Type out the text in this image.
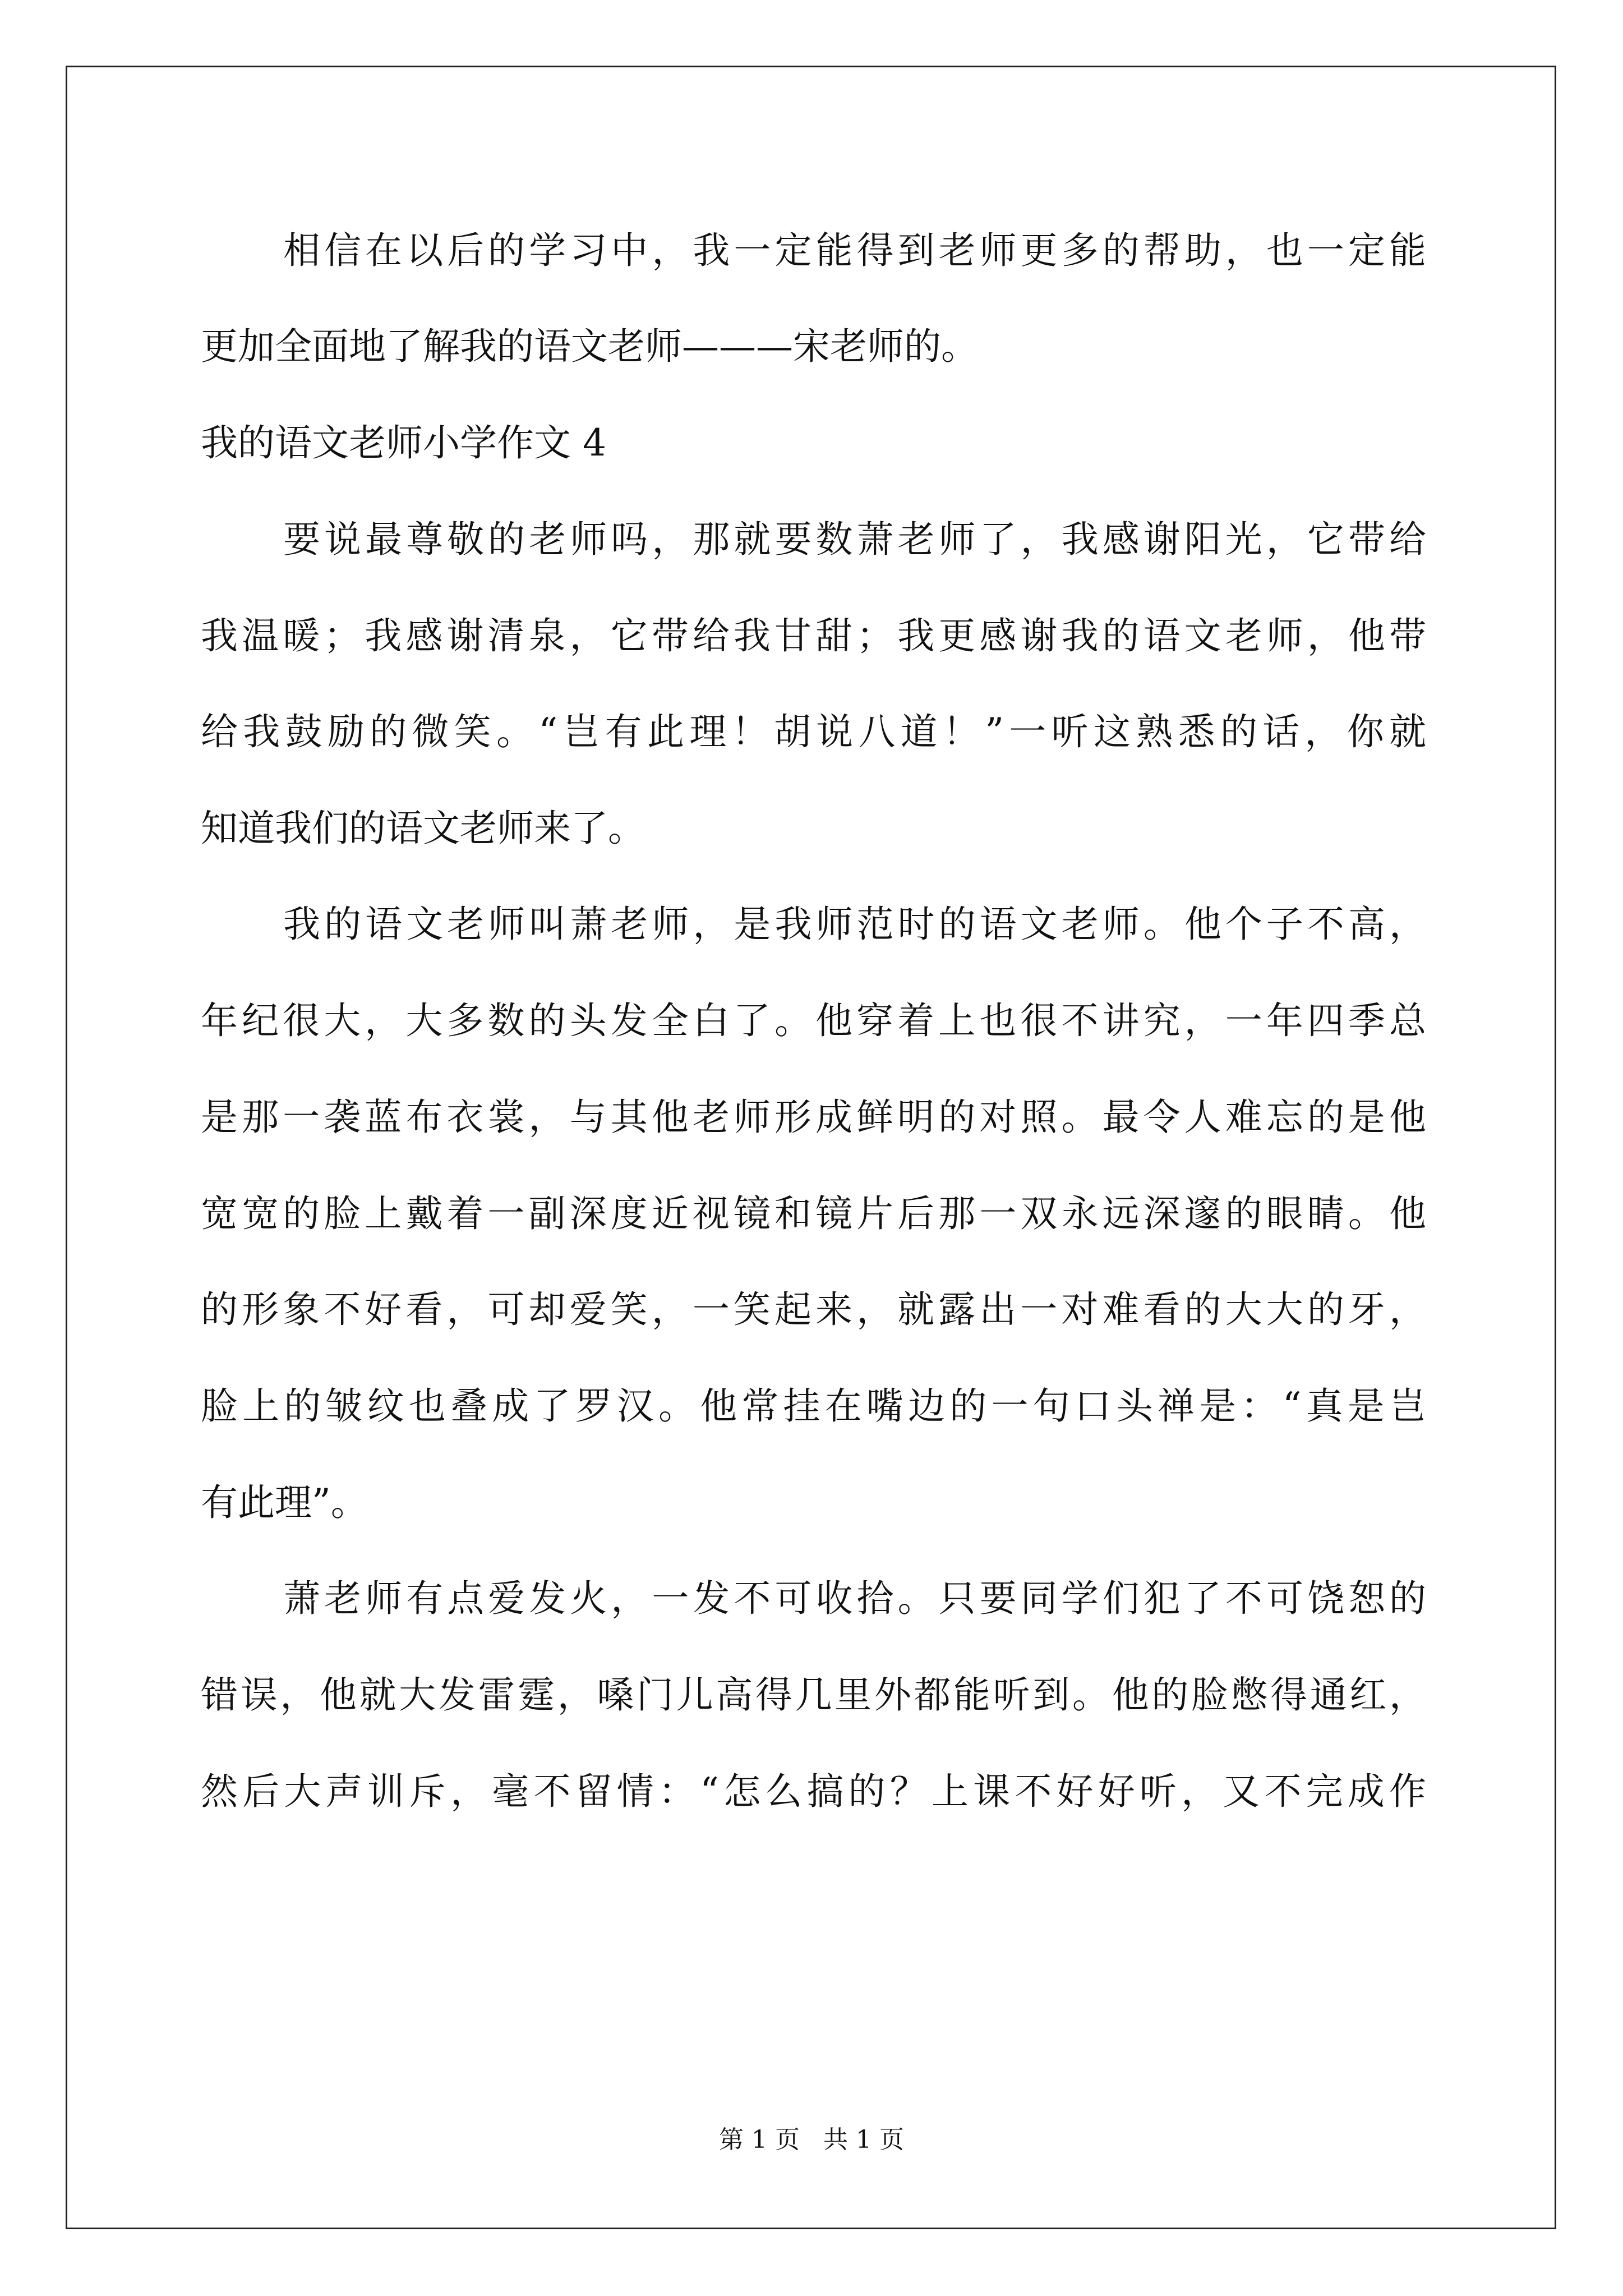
相信在以后的学习中，我一定能得到老师更多的帮助，也一定能
更加全面地了解我的语文老师———宋老师的。
我的语文老师小学作文 4
要说最尊敬的老师吗，那就要数萧老师了，我感谢阳光，它带给
我温暖；我感谢清泉，它带给我甘甜；我更感谢我的语文老师，他带
给我鼓励的微笑。“岂有此理！胡说八道！”一听这熟悉的话，你就
知道我们的语文老师来了。
我的语文老师叫萧老师，是我师范时的语文老师。他个子不高，
年纪很大，大多数的头发全白了。他穿着上也很不讲究，一年四季总
是那一袭蓝布衣裳，与其他老师形成鲜明的对照。最令人难忘的是他
宽宽的脸上戴着一副深度近视镜和镜片后那一双永远深邃的眼睛。他
的形象不好看，可却爱笑，一笑起来，就露出一对难看的大大的牙，
脸上的皱纹也叠成了罗汉。他常挂在嘴边的一句口头禅是：“真是岂
有此理”。
萧老师有点爱发火，一发不可收拾。只要同学们犯了不可饶恕的
错误，他就大发雷霆，嗓门儿高得几里外都能听到。他的脸憋得通红，
然后大声训斥，毫不留情：“怎么搞的？上课不好好听，又不完成作
第 1 页 共 1 页
